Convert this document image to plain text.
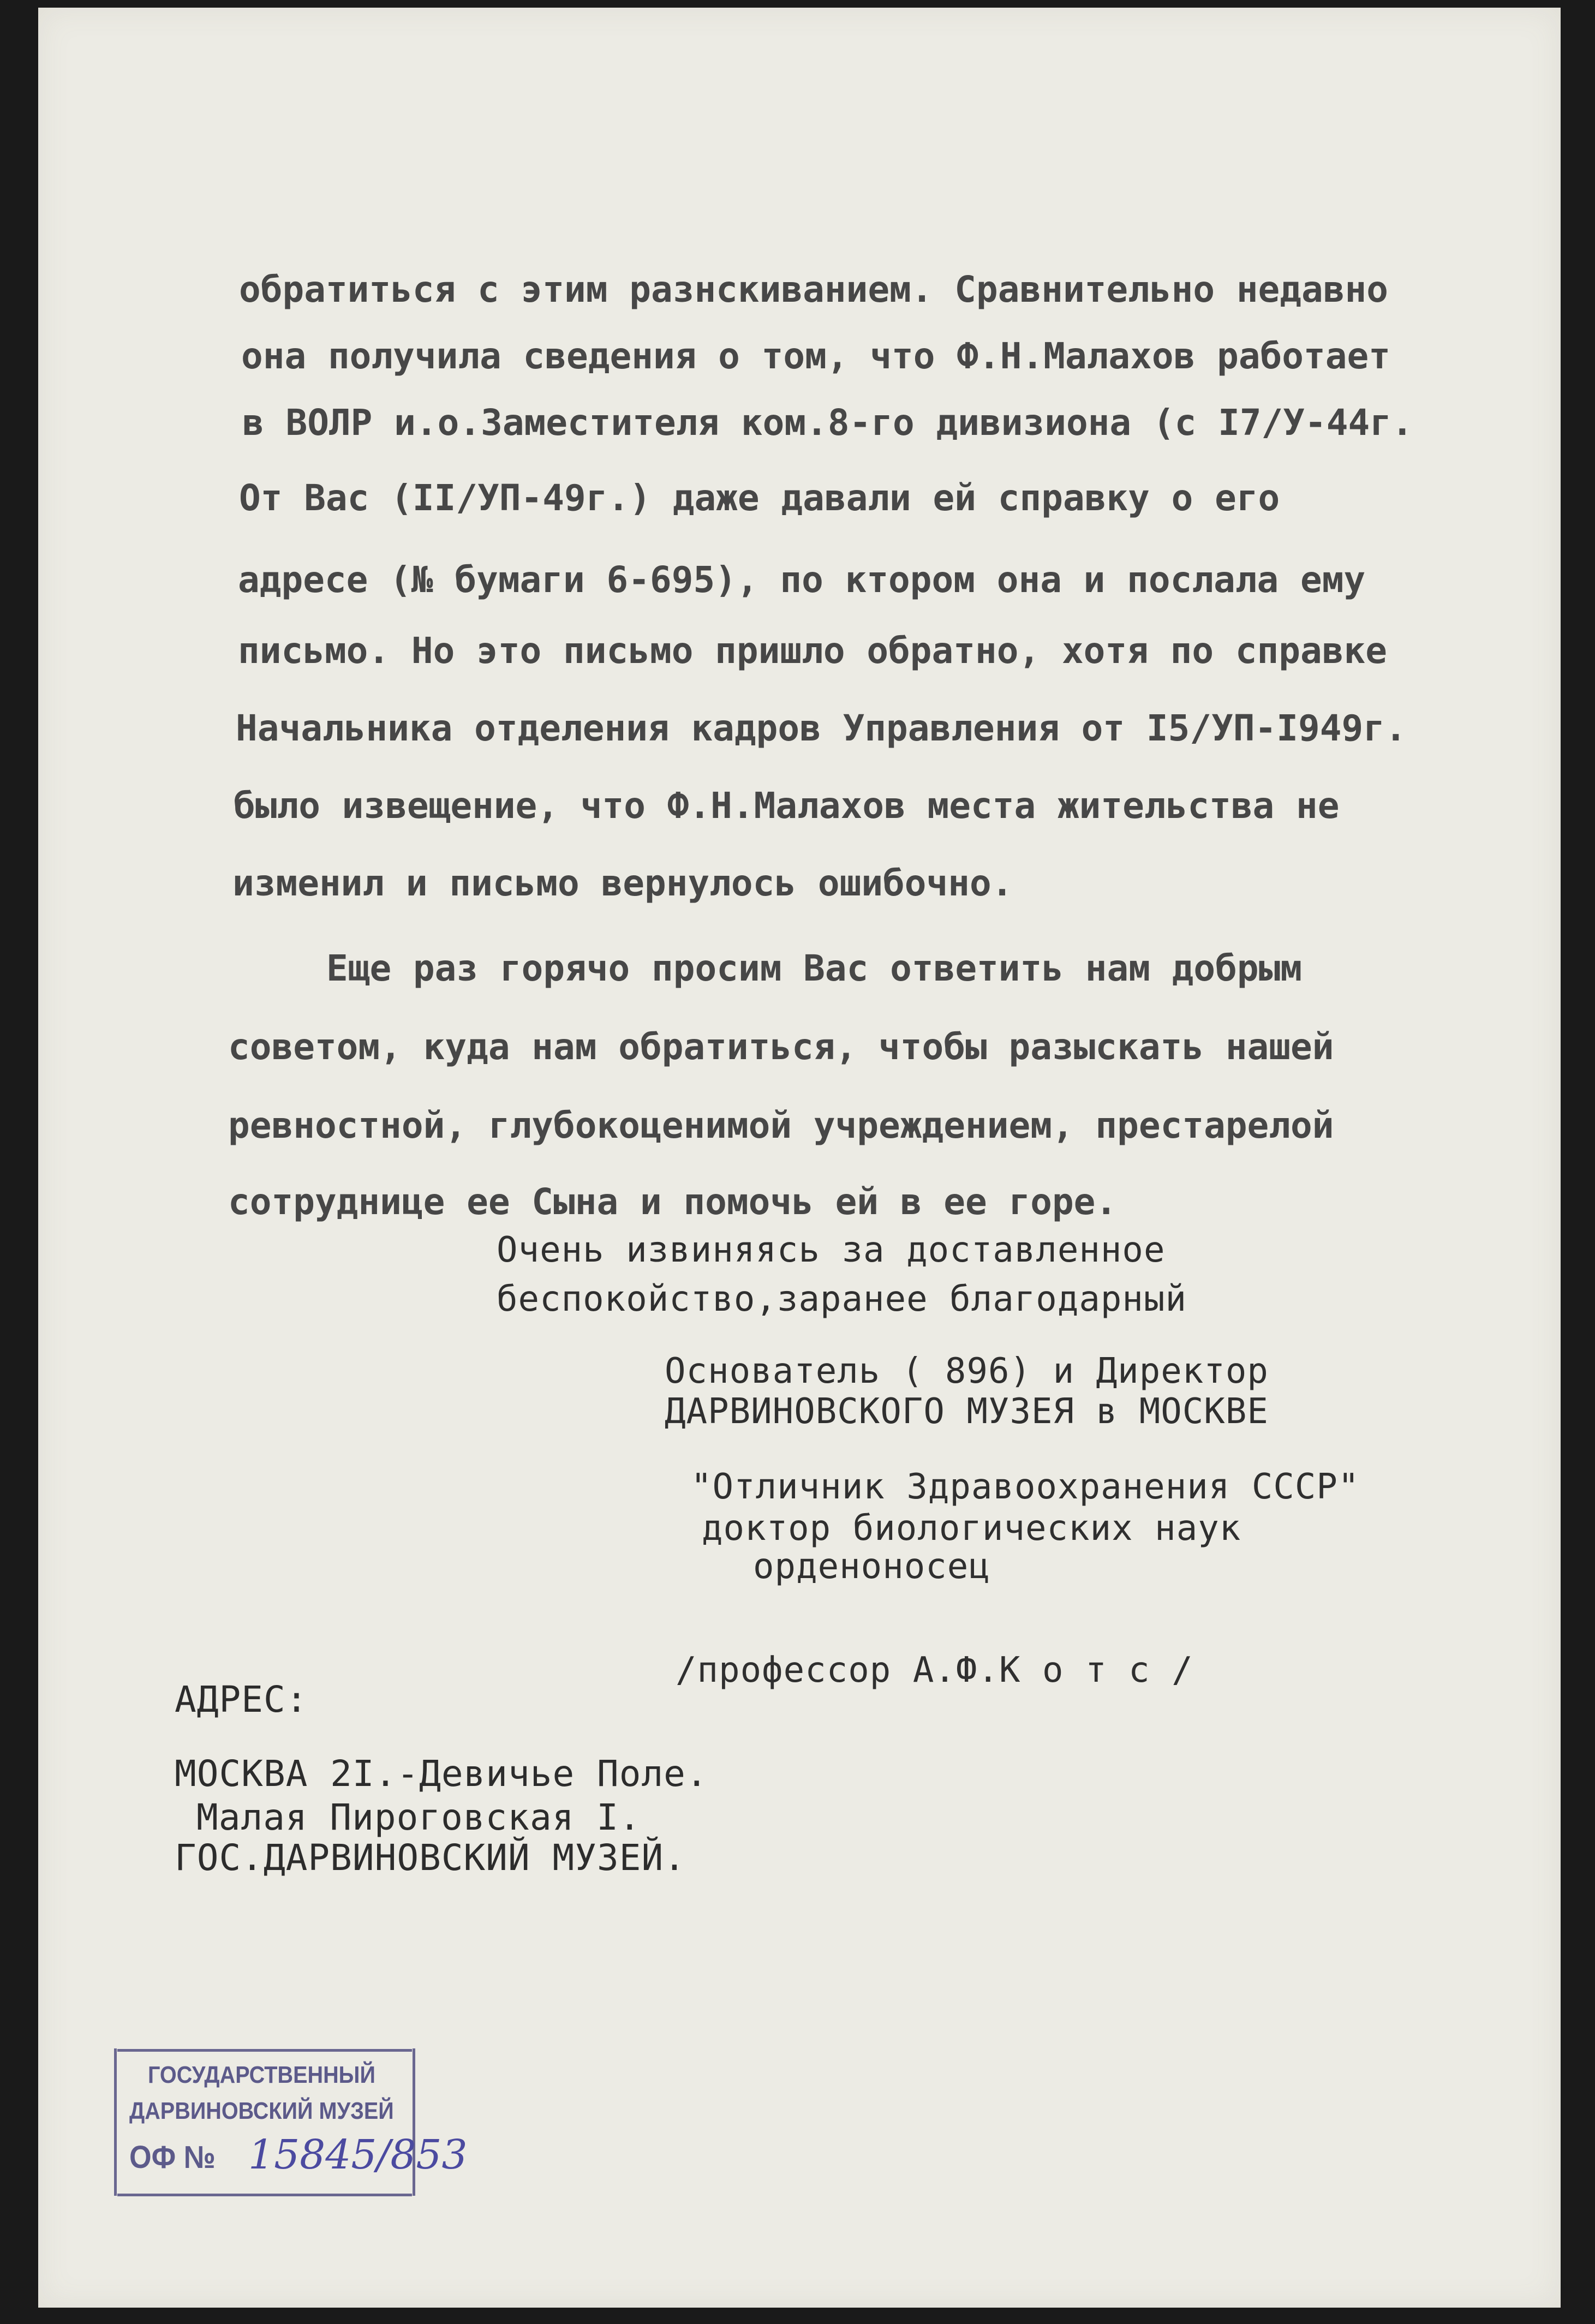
обратиться с этим разнскиванием. Сравнительно недавно
она получила сведения о том, что Ф.Н.Малахов работает
в ВОЛР и.о.Заместителя ком.8-го дивизиона (с I7/У-44г.
От Вас (II/УП-49г.) даже давали ей справку о его
адресе (№ бумаги 6-695), по ктором она и послала ему
письмо. Но это письмо пришло обратно, хотя по справке
Начальника отделения кадров Управления от I5/УП-I949г.
было извещение, что Ф.Н.Малахов места жительства не
изменил и письмо вернулось ошибочно.
Еще раз горячо просим Вас ответить нам добрым
советом, куда нам обратиться, чтобы разыскать нашей
ревностной, глубокоценимой учреждением, престарелой
сотруднице ее Сына и помочь ей в ее горе.
Очень извиняясь за доставленное
беспокойство,заранее благодарный
Основатель ( 896) и Директор
ДАРВИНОВСКОГО МУЗЕЯ в МОСКВЕ
"Отличник Здравоохранения СССР"
доктор биологических наук
орденоносец
/профессор А.Ф.К о т с /
АДРЕС:
МОСКВА 2I.-Девичье Поле.
Малая Пироговская I.
ГОС.ДАРВИНОВСКИЙ МУЗЕЙ.
ГОСУДАРСТВЕННЫЙ
ДАРВИНОВСКИЙ МУЗЕЙ
ОФ № 15845/853
